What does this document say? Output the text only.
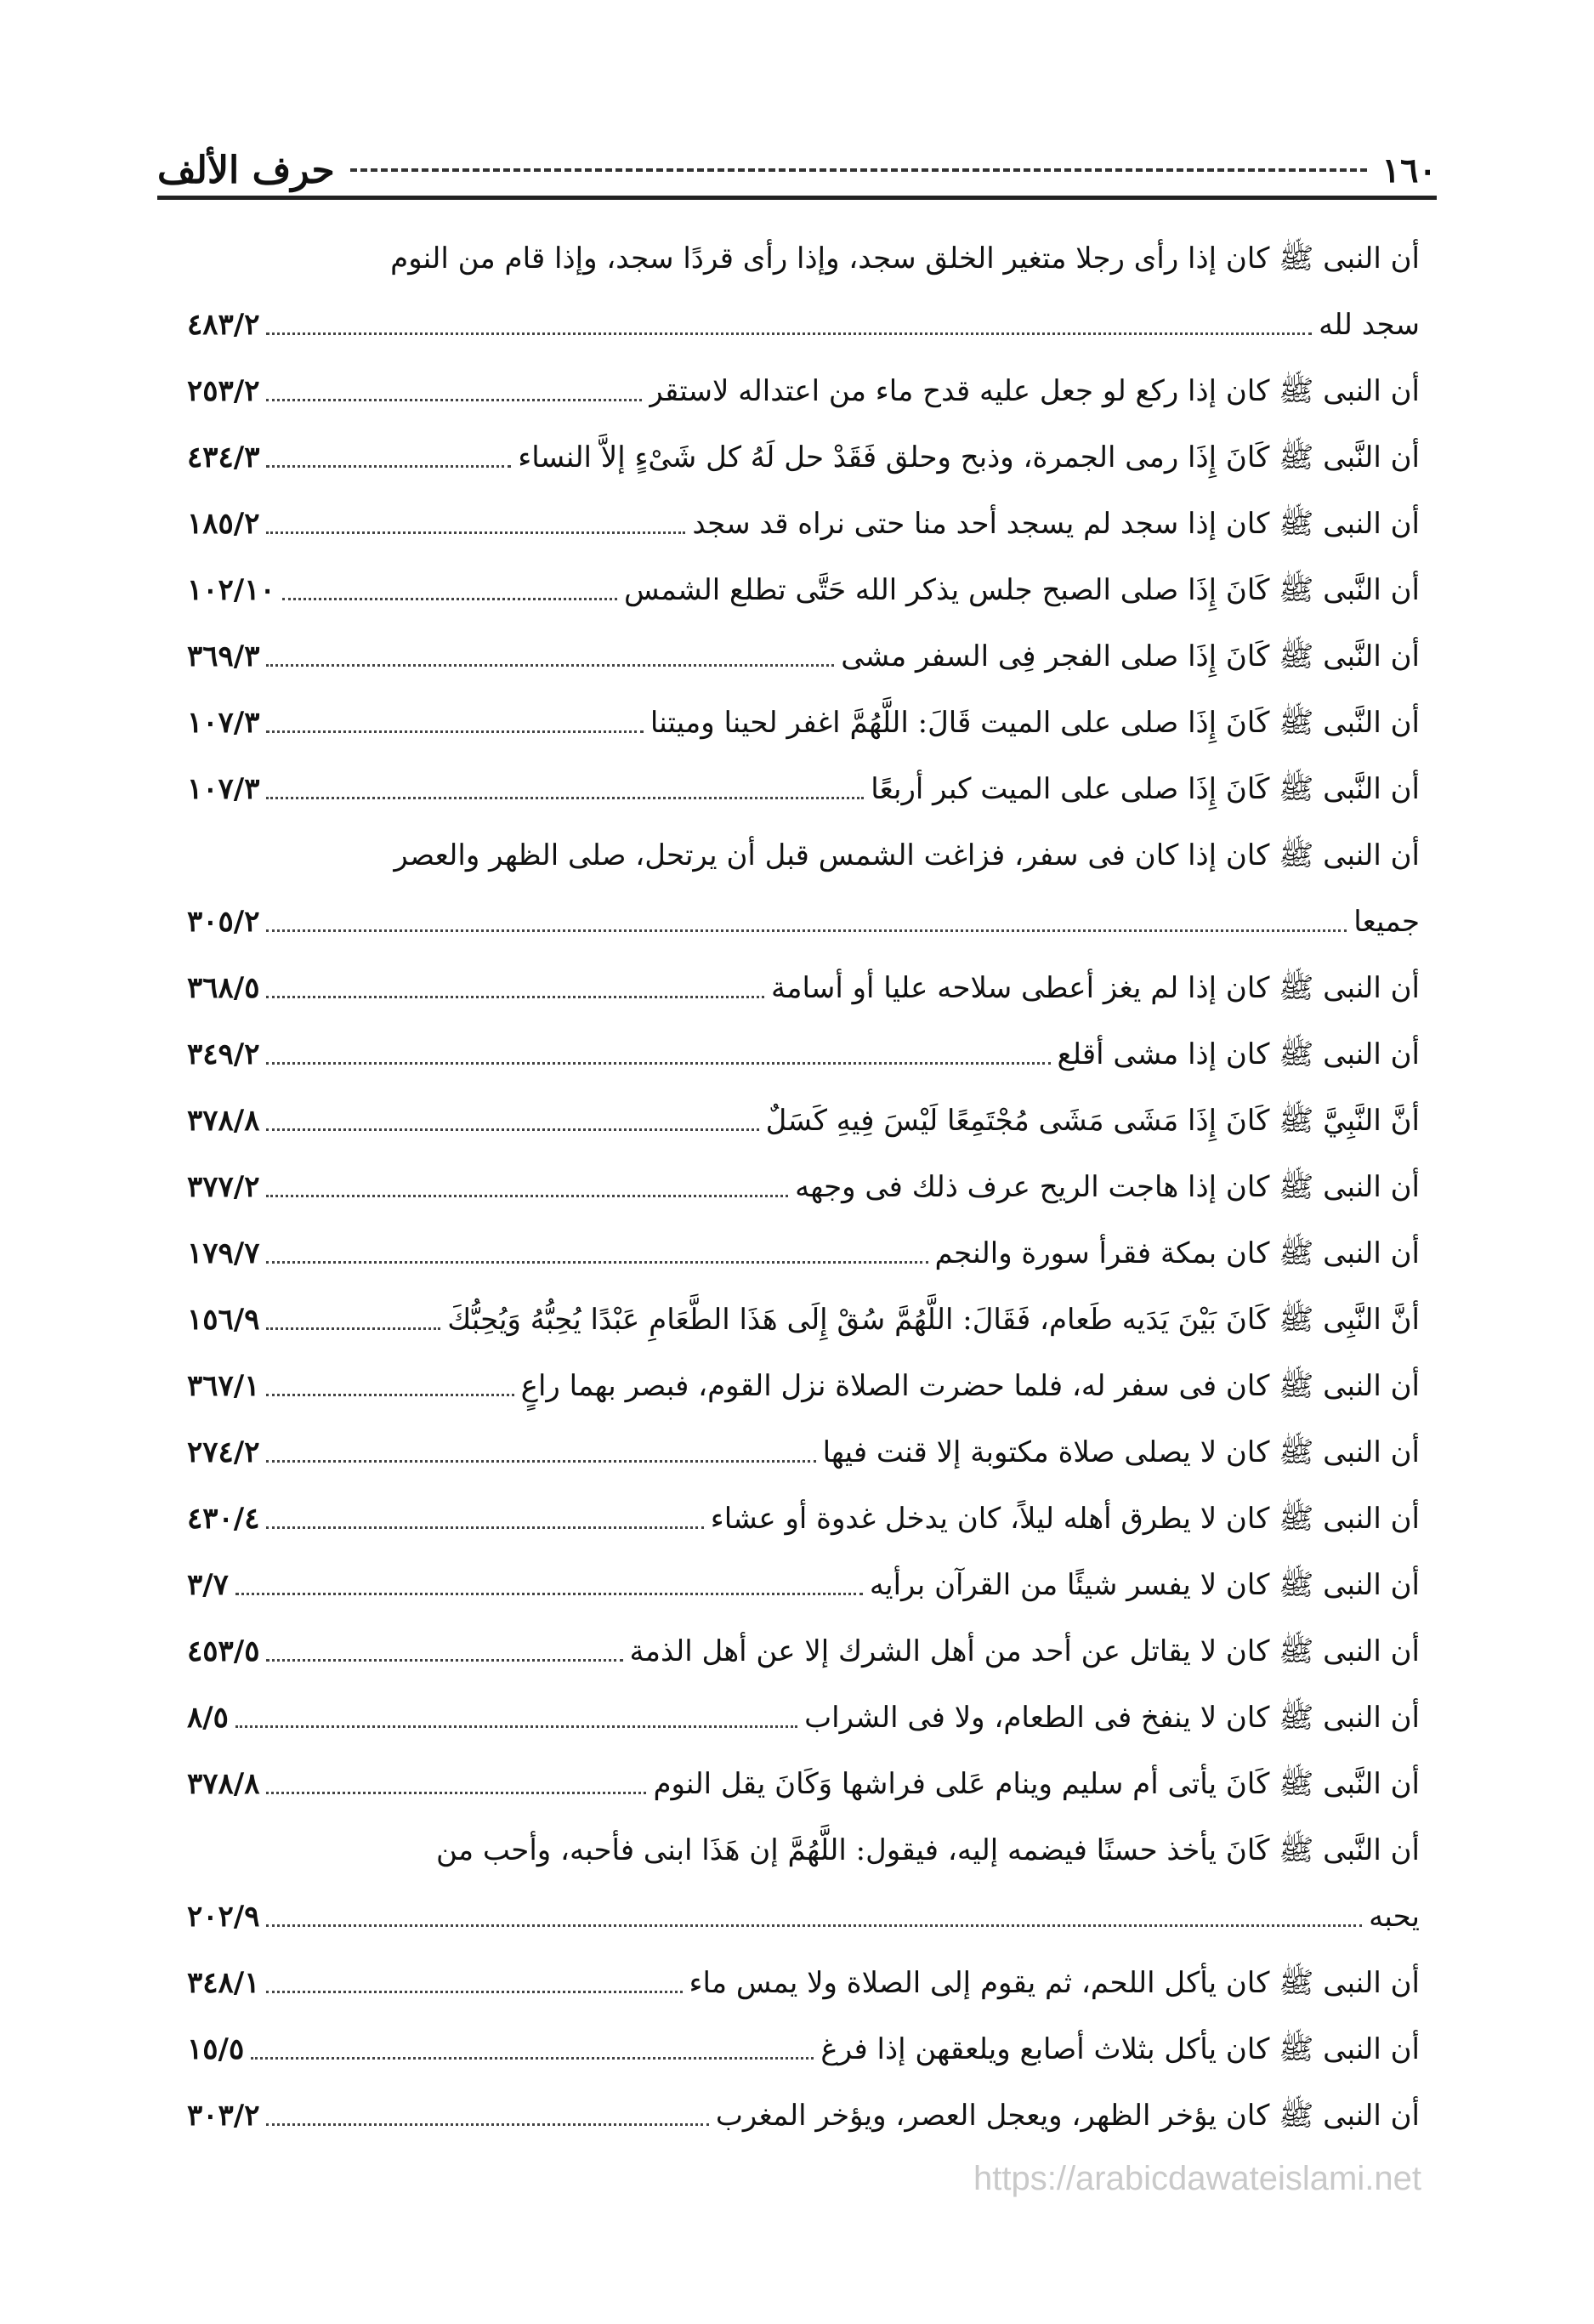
١٦٠
حرف الألف
أن النبى ﷺ كان إذا رأى رجلا متغير الخلق سجد، وإذا رأى قردًا سجد، وإذا قام من النوم
سجد لله
٤٨٣/٢
أن النبى ﷺ كان إذا ركع لو جعل عليه قدح ماء من اعتداله لاستقر
٢٥٣/٢
أن النَّبى ﷺ كَانَ إِذَا رمى الجمرة، وذبح وحلق فَقَدْ حل لَهُ كل شَىْءٍ إلاَّ النساء
٤٣٤/٣
أن النبى ﷺ كان إذا سجد لم يسجد أحد منا حتى نراه قد سجد
١٨٥/٢
أن النَّبى ﷺ كَانَ إِذَا صلى الصبح جلس يذكر الله حَتَّى تطلع الشمس
١٠٢/١٠
أن النَّبى ﷺ كَانَ إِذَا صلى الفجر فِى السفر مشى
٣٦٩/٣
أن النَّبى ﷺ كَانَ إِذَا صلى على الميت قَالَ: اللَّهُمَّ اغفر لحينا وميتنا
١٠٧/٣
أن النَّبى ﷺ كَانَ إِذَا صلى على الميت كبر أربعًا
١٠٧/٣
أن النبى ﷺ كان إذا كان فى سفر، فزاغت الشمس قبل أن يرتحل، صلى الظهر والعصر
جميعا
٣٠٥/٢
أن النبى ﷺ كان إذا لم يغز أعطى سلاحه عليا أو أسامة
٣٦٨/٥
أن النبى ﷺ كان إذا مشى أقلع
٣٤٩/٢
أنَّ النَّبِيَّ ﷺ كَانَ إِذَا مَشَى مَشَى مُجْتَمِعًا لَيْسَ فِيهِ كَسَلٌ
٣٧٨/٨
أن النبى ﷺ كان إذا هاجت الريح عرف ذلك فى وجهه
٣٧٧/٢
أن النبى ﷺ كان بمكة فقرأ سورة والنجم
١٧٩/٧
أنَّ النَّبِى ﷺ كَانَ بَيْنَ يَدَيه طَعام، فَقَالَ: اللَّهُمَّ سُقْ إِلَى هَذَا الطَّعَامِ عَبْدًا يُحِبُّهُ وَيُحِبُّكَ
١٥٦/٩
أن النبى ﷺ كان فى سفر له، فلما حضرت الصلاة نزل القوم، فبصر بهما راعٍ
٣٦٧/١
أن النبى ﷺ كان لا يصلى صلاة مكتوبة إلا قنت فيها
٢٧٤/٢
أن النبى ﷺ كان لا يطرق أهله ليلاً، كان يدخل غدوة أو عشاء
٤٣٠/٤
أن النبى ﷺ كان لا يفسر شيئًا من القرآن برأيه
٣/٧
أن النبى ﷺ كان لا يقاتل عن أحد من أهل الشرك إلا عن أهل الذمة
٤٥٣/٥
أن النبى ﷺ كان لا ينفخ فى الطعام، ولا فى الشراب
٨/٥
أن النَّبى ﷺ كَانَ يأتى أم سليم وينام عَلى فراشها وَكَانَ يقل النوم
٣٧٨/٨
أن النَّبى ﷺ كَانَ يأخذ حسنًا فيضمه إليه، فيقول: اللَّهُمَّ إن هَذَا ابنى فأحبه، وأحب من
يحبه
٢٠٢/٩
أن النبى ﷺ كان يأكل اللحم، ثم يقوم إلى الصلاة ولا يمس ماء
٣٤٨/١
أن النبى ﷺ كان يأكل بثلاث أصابع ويلعقهن إذا فرغ
١٥/٥
أن النبى ﷺ كان يؤخر الظهر، ويعجل العصر، ويؤخر المغرب
٣٠٣/٢
https://arabicdawateislami.net
